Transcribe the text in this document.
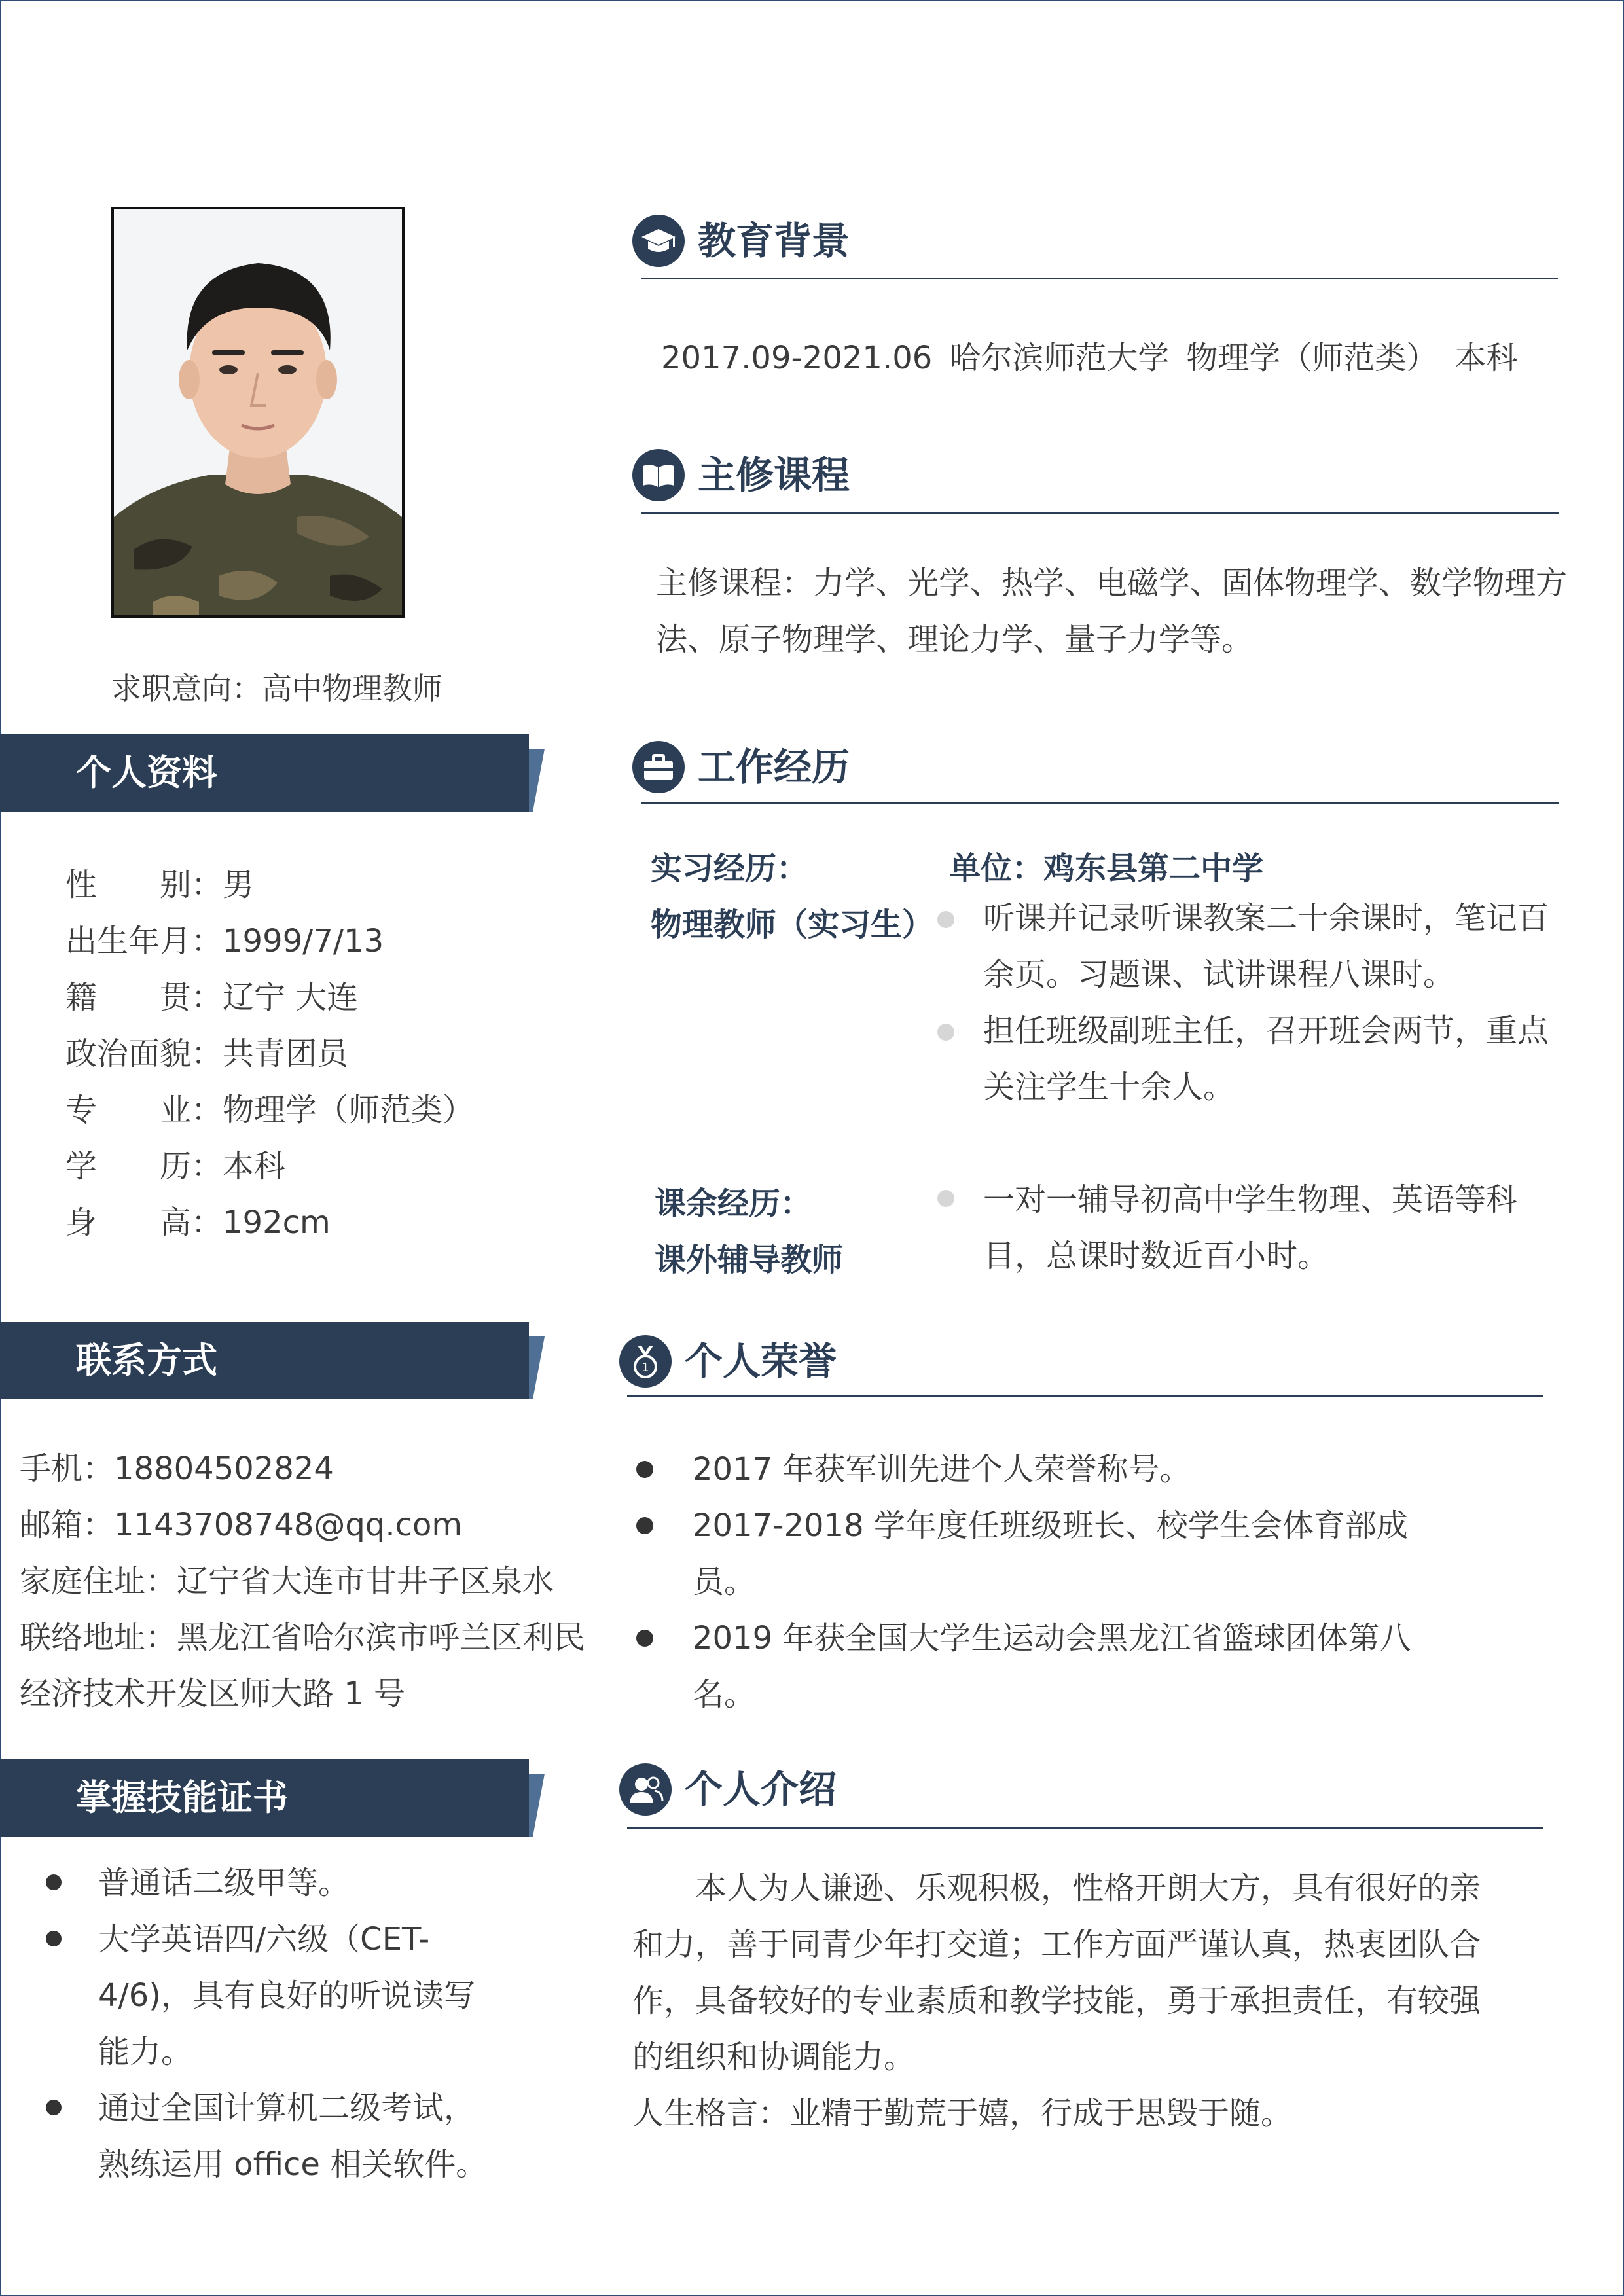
求职意向：高中物理教师
个人资料
性　　别：男
出生年月：1999/7/13
籍　　贯：辽宁 大连
政治面貌：共青团员
专　　业：物理学（师范类）
学　　历：本科
身　　高：192cm
联系方式
手机：18804502824
邮箱：1143708748@qq.com
家庭住址：辽宁省大连市甘井子区泉水
联络地址：黑龙江省哈尔滨市呼兰区利民
经济技术开发区师大路 1 号
掌握技能证书
普通话二级甲等。
大学英语四/六级（CET-
4/6)，具有良好的听说读写
能力。
通过全国计算机二级考试，
熟练运用 office 相关软件。
教育背景
2017.09-2021.06 哈尔滨师范大学 物理学（师范类） 本科
主修课程
主修课程：力学、光学、热学、电磁学、固体物理学、数学物理方法、原子物理学、理论力学、量子力学等。
工作经历
实习经历：	单位：鸡东县第二中学
物理教师（实习生） 听课并记录听课教案二十余课时，笔记百余页。习题课、试讲课程八课时。
担任班级副班主任，召开班会两节，重点关注学生十余人。
课余经历：
课外辅导教师
一对一辅导初高中学生物理、英语等科目，总课时数近百小时。
1 个人荣誉
2017 年获军训先进个人荣誉称号。
2017-2018 学年度任班级班长、校学生会体育部成员。
2019 年获全国大学生运动会黑龙江省篮球团体第八名。
个人介绍
本人为人谦逊、乐观积极，性格开朗大方，具有很好的亲和力，善于同青少年打交道；工作方面严谨认真，热衷团队合作，具备较好的专业素质和教学技能，勇于承担责任，有较强的组织和协调能力。
人生格言：业精于勤荒于嬉，行成于思毁于随。
